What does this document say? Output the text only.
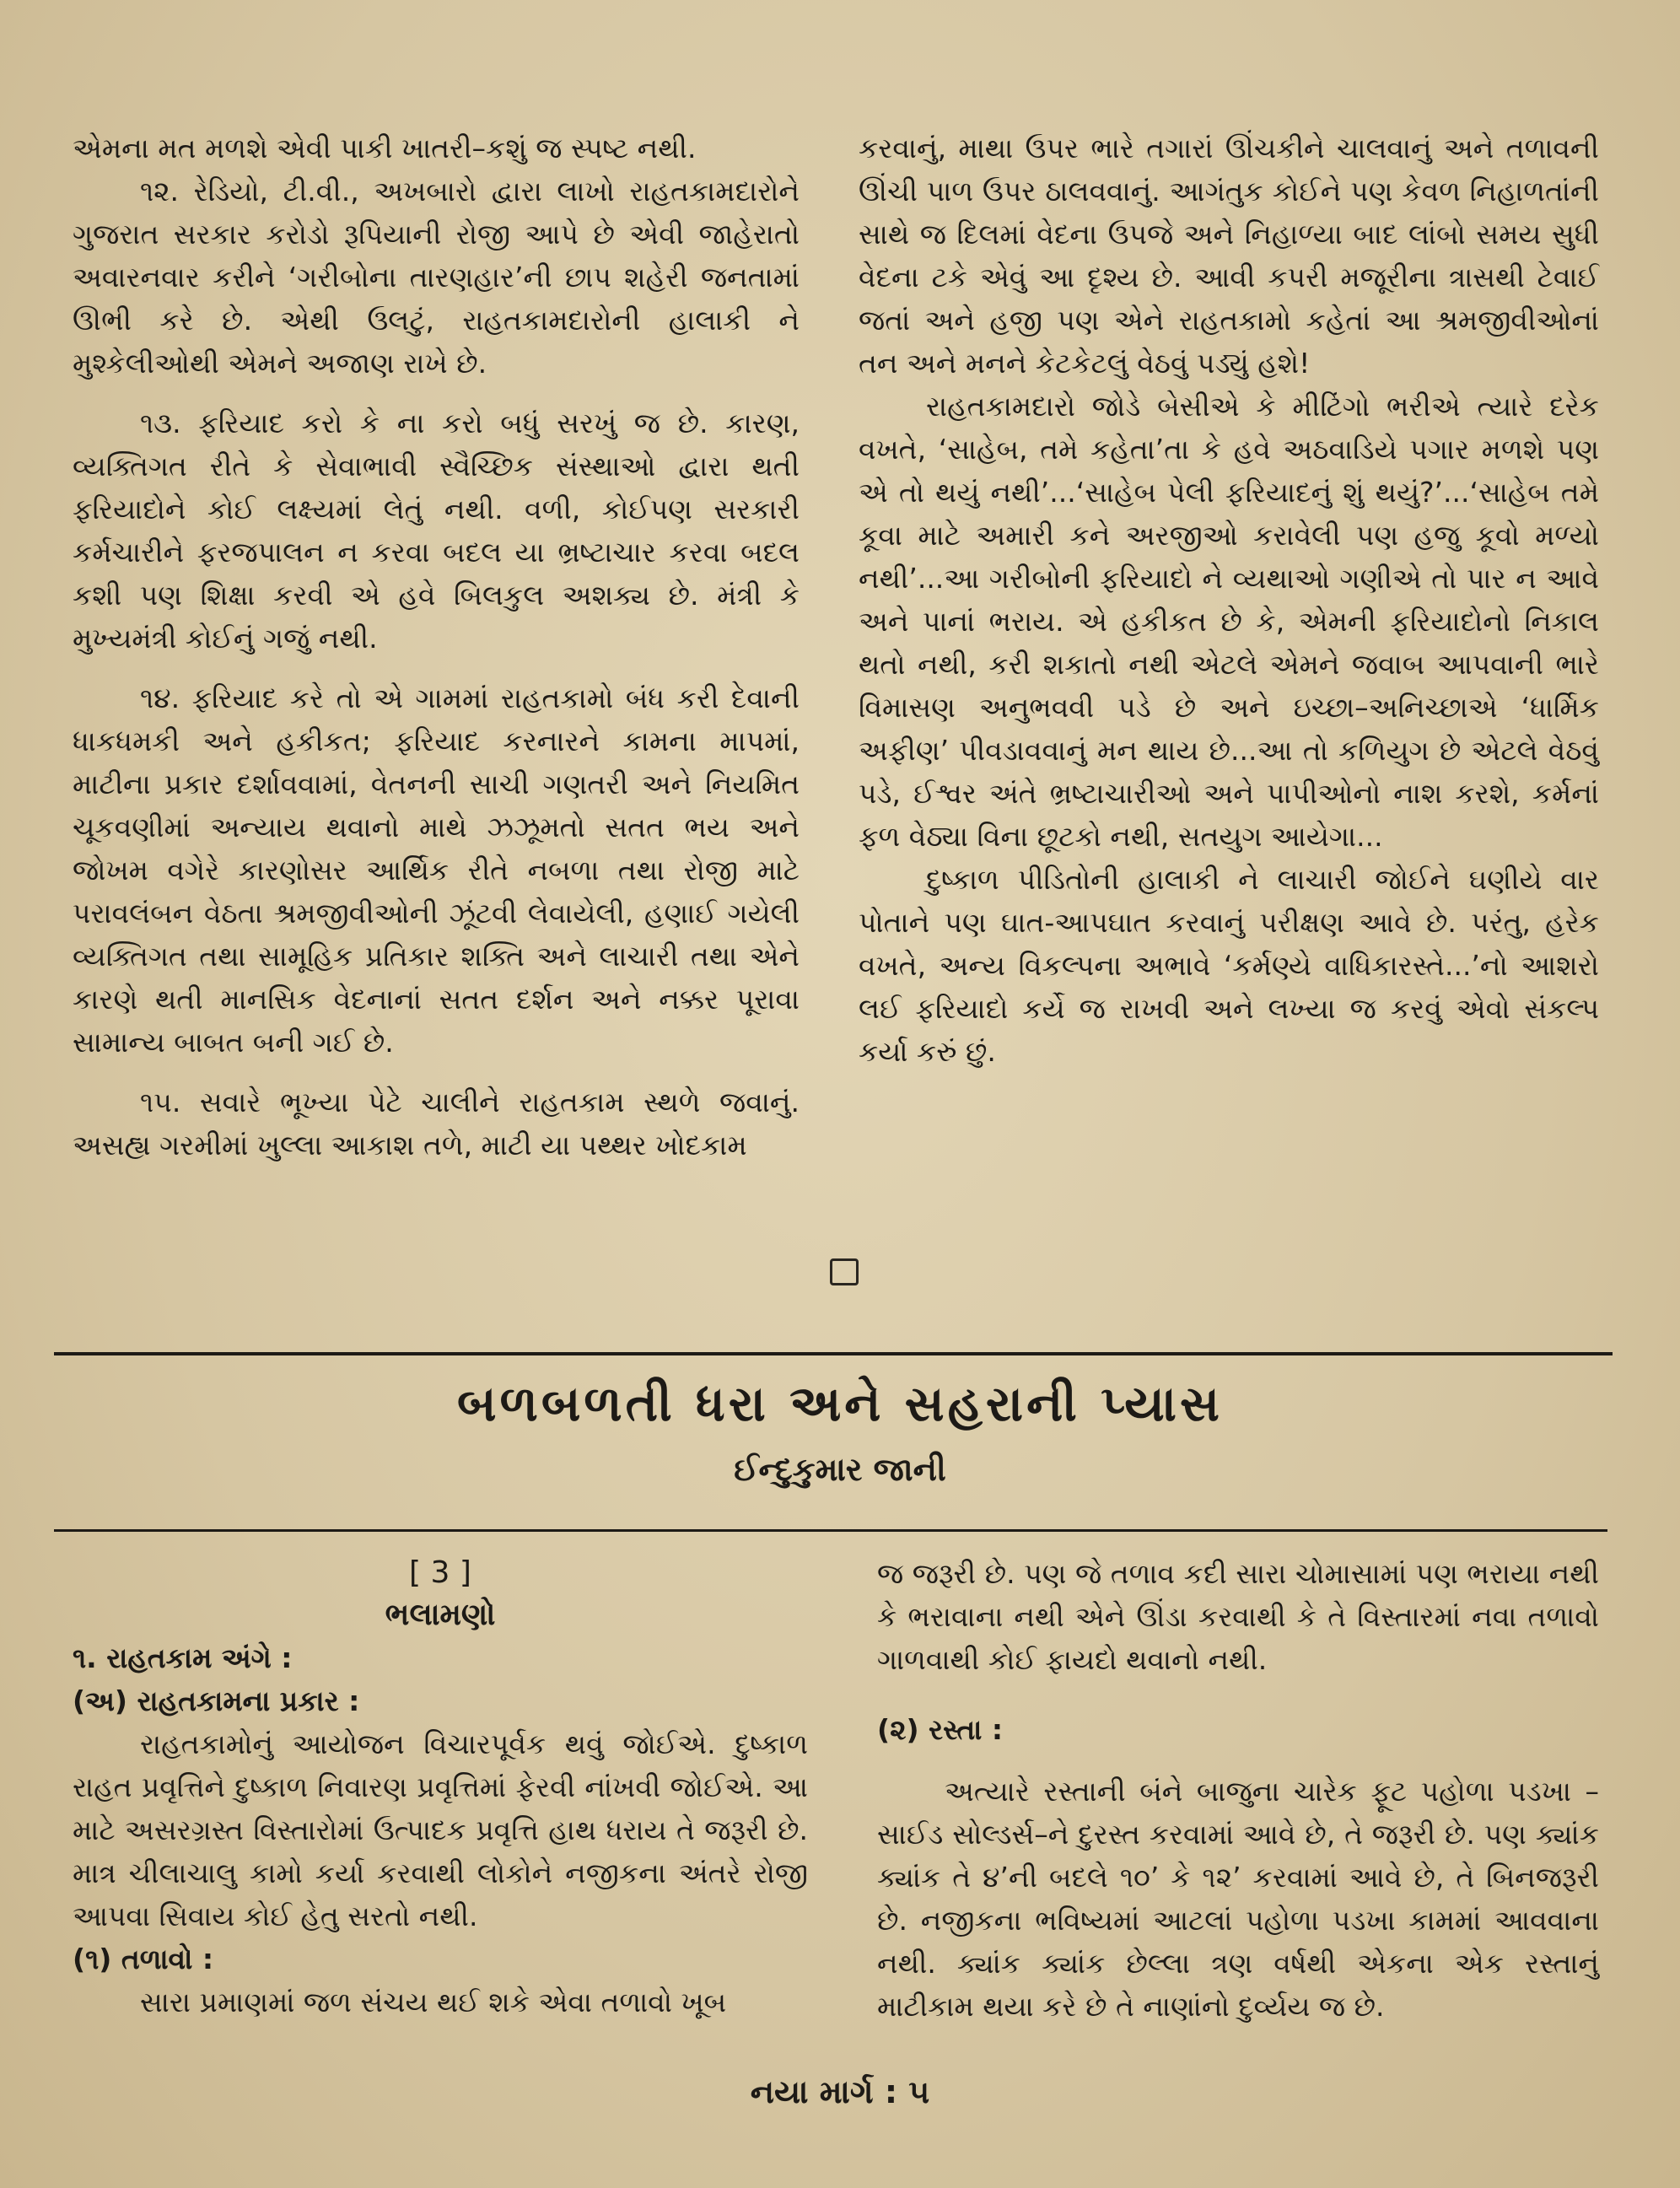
એમના મત મળશે એવી પાકી ખાતરી–કશું જ સ્પષ્ટ નથી.

૧૨. રેડિયો, ટી.વી., અખબારો દ્વારા લાખો રાહતકામદારોને ગુજરાત સરકાર કરોડો રૂપિયાની રોજી આપે છે એવી જાહેરાતો અવારનવાર કરીને ‘ગરીબોના તારણહાર’ની છાપ શહેરી જનતામાં ઊભી કરે છે. એથી ઉલટું, રાહતકામદારોની હાલાકી ને મુશ્કેલીઓથી એમને અજાણ રાખે છે.

૧૩. ફરિયાદ કરો કે ના કરો બધું સરખું જ છે. કારણ, વ્યક્તિગત રીતે કે સેવાભાવી સ્વૈચ્છિક સંસ્થાઓ દ્વારા થતી ફરિયાદોને કોઈ લક્ષ્યમાં લેતું નથી. વળી, કોઈપણ સરકારી કર્મચારીને ફરજપાલન ન કરવા બદલ યા ભ્રષ્ટાચાર કરવા બદલ કશી પણ શિક્ષા કરવી એ હવે બિલકુલ અશક્ય છે. મંત્રી કે મુખ્યમંત્રી કોઈનું ગજું નથી.

૧૪. ફરિયાદ કરે તો એ ગામમાં રાહતકામો બંધ કરી દેવાની ધાકધમકી અને હકીકત; ફરિયાદ કરનારને કામના માપમાં, માટીના પ્રકાર દર્શાવવામાં, વેતનની સાચી ગણતરી અને નિયમિત ચૂકવણીમાં અન્યાય થવાનો માથે ઝઝૂમતો સતત ભય અને જોખમ વગેરે કારણોસર આર્થિક રીતે નબળા તથા રોજી માટે પરાવલંબન વેઠતા શ્રમજીવીઓની ઝૂંટવી લેવાયેલી, હણાઈ ગયેલી વ્યક્તિગત તથા સામૂહિક પ્રતિકાર શક્તિ અને લાચારી તથા એને કારણે થતી માનસિક વેદનાનાં સતત દર્શન અને નક્કર પૂરાવા સામાન્ય બાબત બની ગઈ છે.

૧૫. સવારે ભૂખ્યા પેટે ચાલીને રાહતકામ સ્થળે જવાનું. અસહ્ય ગરમીમાં ખુલ્લા આકાશ તળે, માટી યા પથ્થર ખોદકામ

કરવાનું, માથા ઉપર ભારે તગારાં ઊંચકીને ચાલવાનું અને તળાવની ઊંચી પાળ ઉપર ઠાલવવાનું. આગંતુક કોઈને પણ કેવળ નિહાળતાંની સાથે જ દિલમાં વેદના ઉપજે અને નિહાળ્યા બાદ લાંબો સમય સુધી વેદના ટકે એવું આ દૃશ્ય છે. આવી કપરી મજૂરીના ત્રાસથી ટેવાઈ જતાં અને હજી પણ એને રાહતકામો કહેતાં આ શ્રમજીવીઓનાં તન અને મનને કેટકેટલું વેઠવું પડ્યું હશે!

રાહતકામદારો જોડે બેસીએ કે મીટિંગો ભરીએ ત્યારે દરેક વખતે, ‘સાહેબ, તમે કહેતા’તા કે હવે અઠવાડિયે પગાર મળશે પણ એ તો થયું નથી’...‘સાહેબ પેલી ફરિયાદનું શું થયું?’...‘સાહેબ તમે કૂવા માટે અમારી કને અરજીઓ કરાવેલી પણ હજુ કૂવો મળ્યો નથી’...આ ગરીબોની ફરિયાદો ને વ્યથાઓ ગણીએ તો પાર ન આવે અને પાનાં ભરાય. એ હકીકત છે કે, એમની ફરિયાદોનો નિકાલ થતો નથી, કરી શકાતો નથી એટલે એમને જવાબ આપવાની ભારે વિમાસણ અનુભવવી પડે છે અને ઇચ્છા–અનિચ્છાએ ‘ધાર્મિક અફીણ’ પીવડાવવાનું મન થાય છે...આ તો કળિયુગ છે એટલે વેઠવું પડે, ઈશ્વર અંતે ભ્રષ્ટાચારીઓ અને પાપીઓનો નાશ કરશે, કર્મનાં ફળ વેઠ્યા વિના છૂટકો નથી, સતયુગ આયેગા...

દુષ્કાળ પીડિતોની હાલાકી ને લાચારી જોઈને ઘણીયે વાર પોતાને પણ ઘાત-આપઘાત કરવાનું પરીક્ષણ આવે છે. પરંતુ, હરેક વખતે, અન્ય વિકલ્પના અભાવે ‘કર્મણ્યે વાધિકારસ્તે...’નો આશરો લઈ ફરિયાદો કર્યે જ રાખવી અને લખ્યા જ કરવું એવો સંકલ્પ કર્યા કરું છું.

બળબળતી ધરા અને સહરાની પ્યાસ
ઈન્દુકુમાર જાની
[ 3 ]
ભલામણો

૧. રાહતકામ અંગે :

(અ) રાહતકામના પ્રકાર :

રાહતકામોનું આયોજન વિચારપૂર્વક થવું જોઈએ. દુષ્કાળ રાહત પ્રવૃત્તિને દુષ્કાળ નિવારણ પ્રવૃત્તિમાં ફેરવી નાંખવી જોઈએ. આ માટે અસરગ્રસ્ત વિસ્તારોમાં ઉત્પાદક પ્રવૃત્તિ હાથ ધરાય તે જરૂરી છે. માત્ર ચીલાચાલુ કામો કર્યા કરવાથી લોકોને નજીકના અંતરે રોજી આપવા સિવાય કોઈ હેતુ સરતો નથી.

(૧) તળાવો :

સારા પ્રમાણમાં જળ સંચય થઈ શકે એવા તળાવો ખૂબ

જ જરૂરી છે. પણ જે તળાવ કદી સારા ચોમાસામાં પણ ભરાયા નથી કે ભરાવાના નથી એને ઊંડા કરવાથી કે તે વિસ્તારમાં નવા તળાવો ગાળવાથી કોઈ ફાયદો થવાનો નથી.

(૨) રસ્તા :

અત્યારે રસ્તાની બંને બાજુના ચારેક ફૂટ પહોળા પડખા –સાઈડ સોલ્ડર્સ–ને દુરસ્ત કરવામાં આવે છે, તે જરૂરી છે. પણ ક્યાંક ક્યાંક તે ૪’ની બદલે ૧૦’ કે ૧૨’ કરવામાં આવે છે, તે બિનજરૂરી છે. નજીકના ભવિષ્યમાં આટલાં પહોળા પડખા કામમાં આવવાના નથી. ક્યાંક ક્યાંક છેલ્લા ત્રણ વર્ષથી એકના એક રસ્તાનું માટીકામ થયા કરે છે તે નાણાંનો દુર્વ્યય જ છે.

નયા માર્ગ : ૫
